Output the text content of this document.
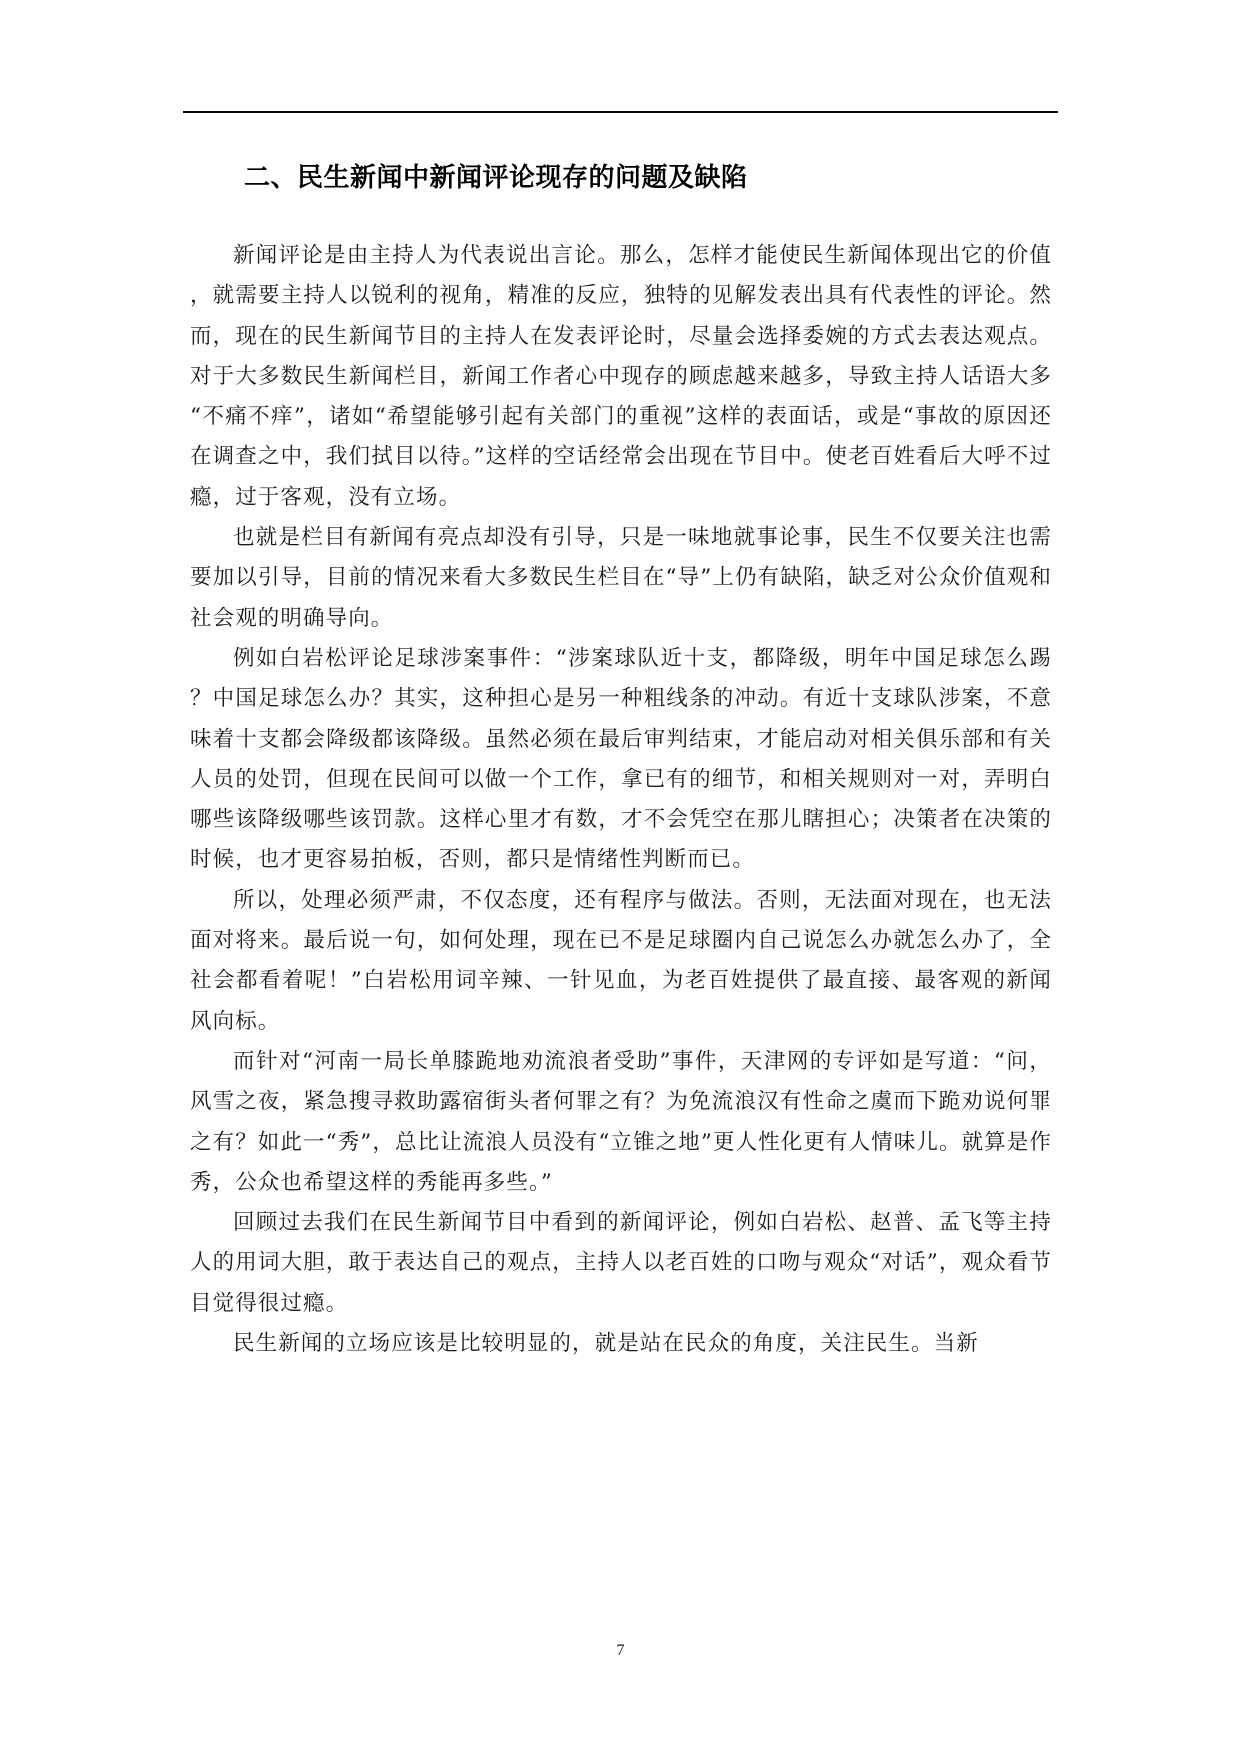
二、民生新闻中新闻评论现存的问题及缺陷

新闻评论是由主持人为代表说出言论。那么，怎样才能使民生新闻体现出它的价值，就需要主持人以锐利的视角，精准的反应，独特的见解发表出具有代表性的评论。然而，现在的民生新闻节目的主持人在发表评论时，尽量会选择委婉的方式去表达观点。对于大多数民生新闻栏目，新闻工作者心中现存的顾虑越来越多，导致主持人话语大多“不痛不痒”，诸如“希望能够引起有关部门的重视”这样的表面话，或是“事故的原因还在调查之中，我们拭目以待。”这样的空话经常会出现在节目中。使老百姓看后大呼不过瘾，过于客观，没有立场。

也就是栏目有新闻有亮点却没有引导，只是一味地就事论事，民生不仅要关注也需要加以引导，目前的情况来看大多数民生栏目在“导”上仍有缺陷，缺乏对公众价值观和社会观的明确导向。

例如白岩松评论足球涉案事件：“涉案球队近十支，都降级，明年中国足球怎么踢？中国足球怎么办？其实，这种担心是另一种粗线条的冲动。有近十支球队涉案，不意味着十支都会降级都该降级。虽然必须在最后审判结束，才能启动对相关俱乐部和有关人员的处罚，但现在民间可以做一个工作，拿已有的细节，和相关规则对一对，弄明白哪些该降级哪些该罚款。这样心里才有数，才不会凭空在那儿瞎担心；决策者在决策的时候，也才更容易拍板，否则，都只是情绪性判断而已。

所以，处理必须严肃，不仅态度，还有程序与做法。否则，无法面对现在，也无法面对将来。最后说一句，如何处理，现在已不是足球圈内自己说怎么办就怎么办了，全社会都看着呢！”白岩松用词辛辣、一针见血，为老百姓提供了最直接、最客观的新闻风向标。

而针对“河南一局长单膝跪地劝流浪者受助”事件，天津网的专评如是写道：“问，风雪之夜，紧急搜寻救助露宿街头者何罪之有？为免流浪汉有性命之虞而下跪劝说何罪之有？如此一“秀”，总比让流浪人员没有“立锥之地”更人性化更有人情味儿。就算是作秀，公众也希望这样的秀能再多些。”

回顾过去我们在民生新闻节目中看到的新闻评论，例如白岩松、赵普、孟飞等主持人的用词大胆，敢于表达自己的观点，主持人以老百姓的口吻与观众“对话”，观众看节目觉得很过瘾。

民生新闻的立场应该是比较明显的，就是站在民众的角度，关注民生。当新

7
